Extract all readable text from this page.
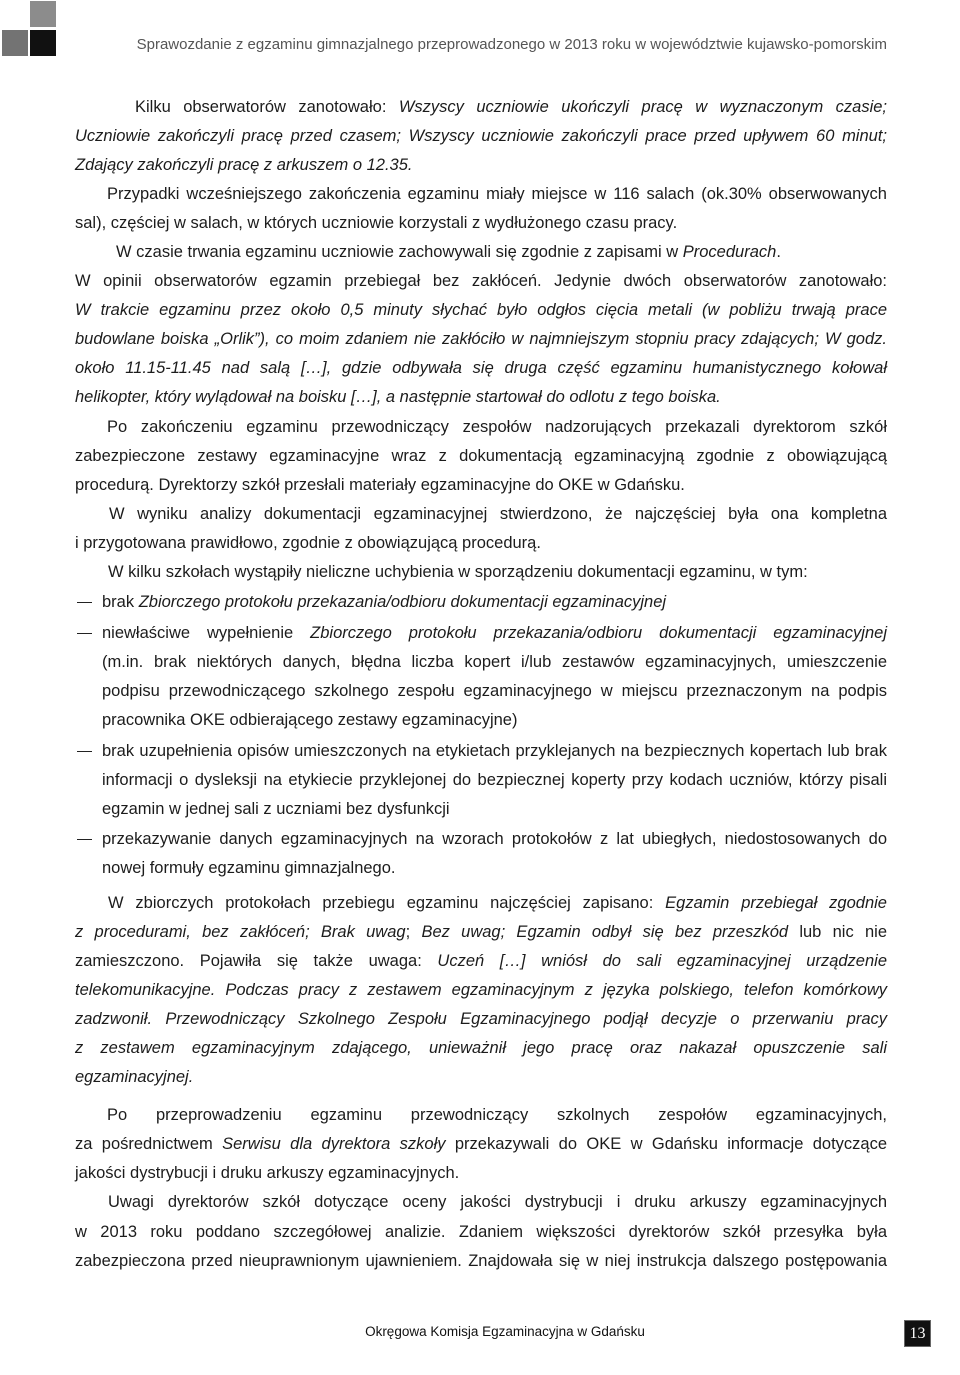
Sprawozdanie z egzaminu gimnazjalnego przeprowadzonego w 2013 roku w województwie kujawsko-pomorskim
Kilku obserwatorów zanotowało: Wszyscy uczniowie ukończyli pracę w wyznaczonym czasie;
Uczniowie zakończyli pracę przed czasem; Wszyscy uczniowie zakończyli prace przed upływem 60 minut;
Zdający zakończyli pracę z arkuszem o 12.35.
Przypadki wcześniejszego zakończenia egzaminu miały miejsce w 116 salach (ok.30% obserwowanych
sal), częściej w salach, w których uczniowie korzystali z wydłużonego czasu pracy.
W czasie trwania egzaminu uczniowie zachowywali się zgodnie z zapisami w Procedurach.
W opinii obserwatorów egzamin przebiegał bez zakłóceń. Jedynie dwóch obserwatorów zanotowało:
W trakcie egzaminu przez około 0,5 minuty słychać było odgłos cięcia metali (w pobliżu trwają prace
budowlane boiska „Orlik”), co moim zdaniem nie zakłóciło w najmniejszym stopniu pracy zdających; W godz.
około 11.15-11.45 nad salą […], gdzie odbywała się druga część egzaminu humanistycznego kołował
helikopter, który wylądował na boisku […], a następnie startował do odlotu z tego boiska.
Po zakończeniu egzaminu przewodniczący zespołów nadzorujących przekazali dyrektorom szkół
zabezpieczone zestawy egzaminacyjne wraz z dokumentacją egzaminacyjną zgodnie z obowiązującą
procedurą. Dyrektorzy szkół przesłali materiały egzaminacyjne do OKE w Gdańsku.
W wyniku analizy dokumentacji egzaminacyjnej stwierdzono, że najczęściej była ona kompletna
i przygotowana prawidłowo, zgodnie z obowiązującą procedurą.
W kilku szkołach wystąpiły nieliczne uchybienia w sporządzeniu dokumentacji egzaminu, w tym:
brak Zbiorczego protokołu przekazania/odbioru dokumentacji egzaminacyjnej
niewłaściwe wypełnienie Zbiorczego protokołu przekazania/odbioru dokumentacji egzaminacyjnej
(m.in. brak niektórych danych, błędna liczba kopert i/lub zestawów egzaminacyjnych, umieszczenie
podpisu przewodniczącego szkolnego zespołu egzaminacyjnego w miejscu przeznaczonym na podpis
pracownika OKE odbierającego zestawy egzaminacyjne)
brak uzupełnienia opisów umieszczonych na etykietach przyklejanych na bezpiecznych kopertach lub brak
informacji o dysleksji na etykiecie przyklejonej do bezpiecznej koperty przy kodach uczniów, którzy pisali
egzamin w jednej sali z uczniami bez dysfunkcji
przekazywanie danych egzaminacyjnych na wzorach protokołów z lat ubiegłych, niedostosowanych do
nowej formuły egzaminu gimnazjalnego.
W zbiorczych protokołach przebiegu egzaminu najczęściej zapisano: Egzamin przebiegał zgodnie
z procedurami, bez zakłóceń; Brak uwag; Bez uwag; Egzamin odbył się bez przeszkód lub nic nie
zamieszczono. Pojawiła się także uwaga: Uczeń […] wniósł do sali egzaminacyjnej urządzenie
telekomunikacyjne. Podczas pracy z zestawem egzaminacyjnym z języka polskiego, telefon komórkowy
zadzwonił. Przewodniczący Szkolnego Zespołu Egzaminacyjnego podjął decyzje o przerwaniu pracy
z zestawem egzaminacyjnym zdającego, unieważnił jego pracę oraz nakazał opuszczenie sali
egzaminacyjnej.
Po przeprowadzeniu egzaminu przewodniczący szkolnych zespołów egzaminacyjnych,
za pośrednictwem Serwisu dla dyrektora szkoły przekazywali do OKE w Gdańsku informacje dotyczące
jakości dystrybucji i druku arkuszy egzaminacyjnych.
Uwagi dyrektorów szkół dotyczące oceny jakości dystrybucji i druku arkuszy egzaminacyjnych
w 2013 roku poddano szczegółowej analizie. Zdaniem większości dyrektorów szkół przesyłka była
zabezpieczona przed nieuprawnionym ujawnieniem. Znajdowała się w niej instrukcja dalszego postępowania
Okręgowa Komisja Egzaminacyjna w Gdańsku	13
